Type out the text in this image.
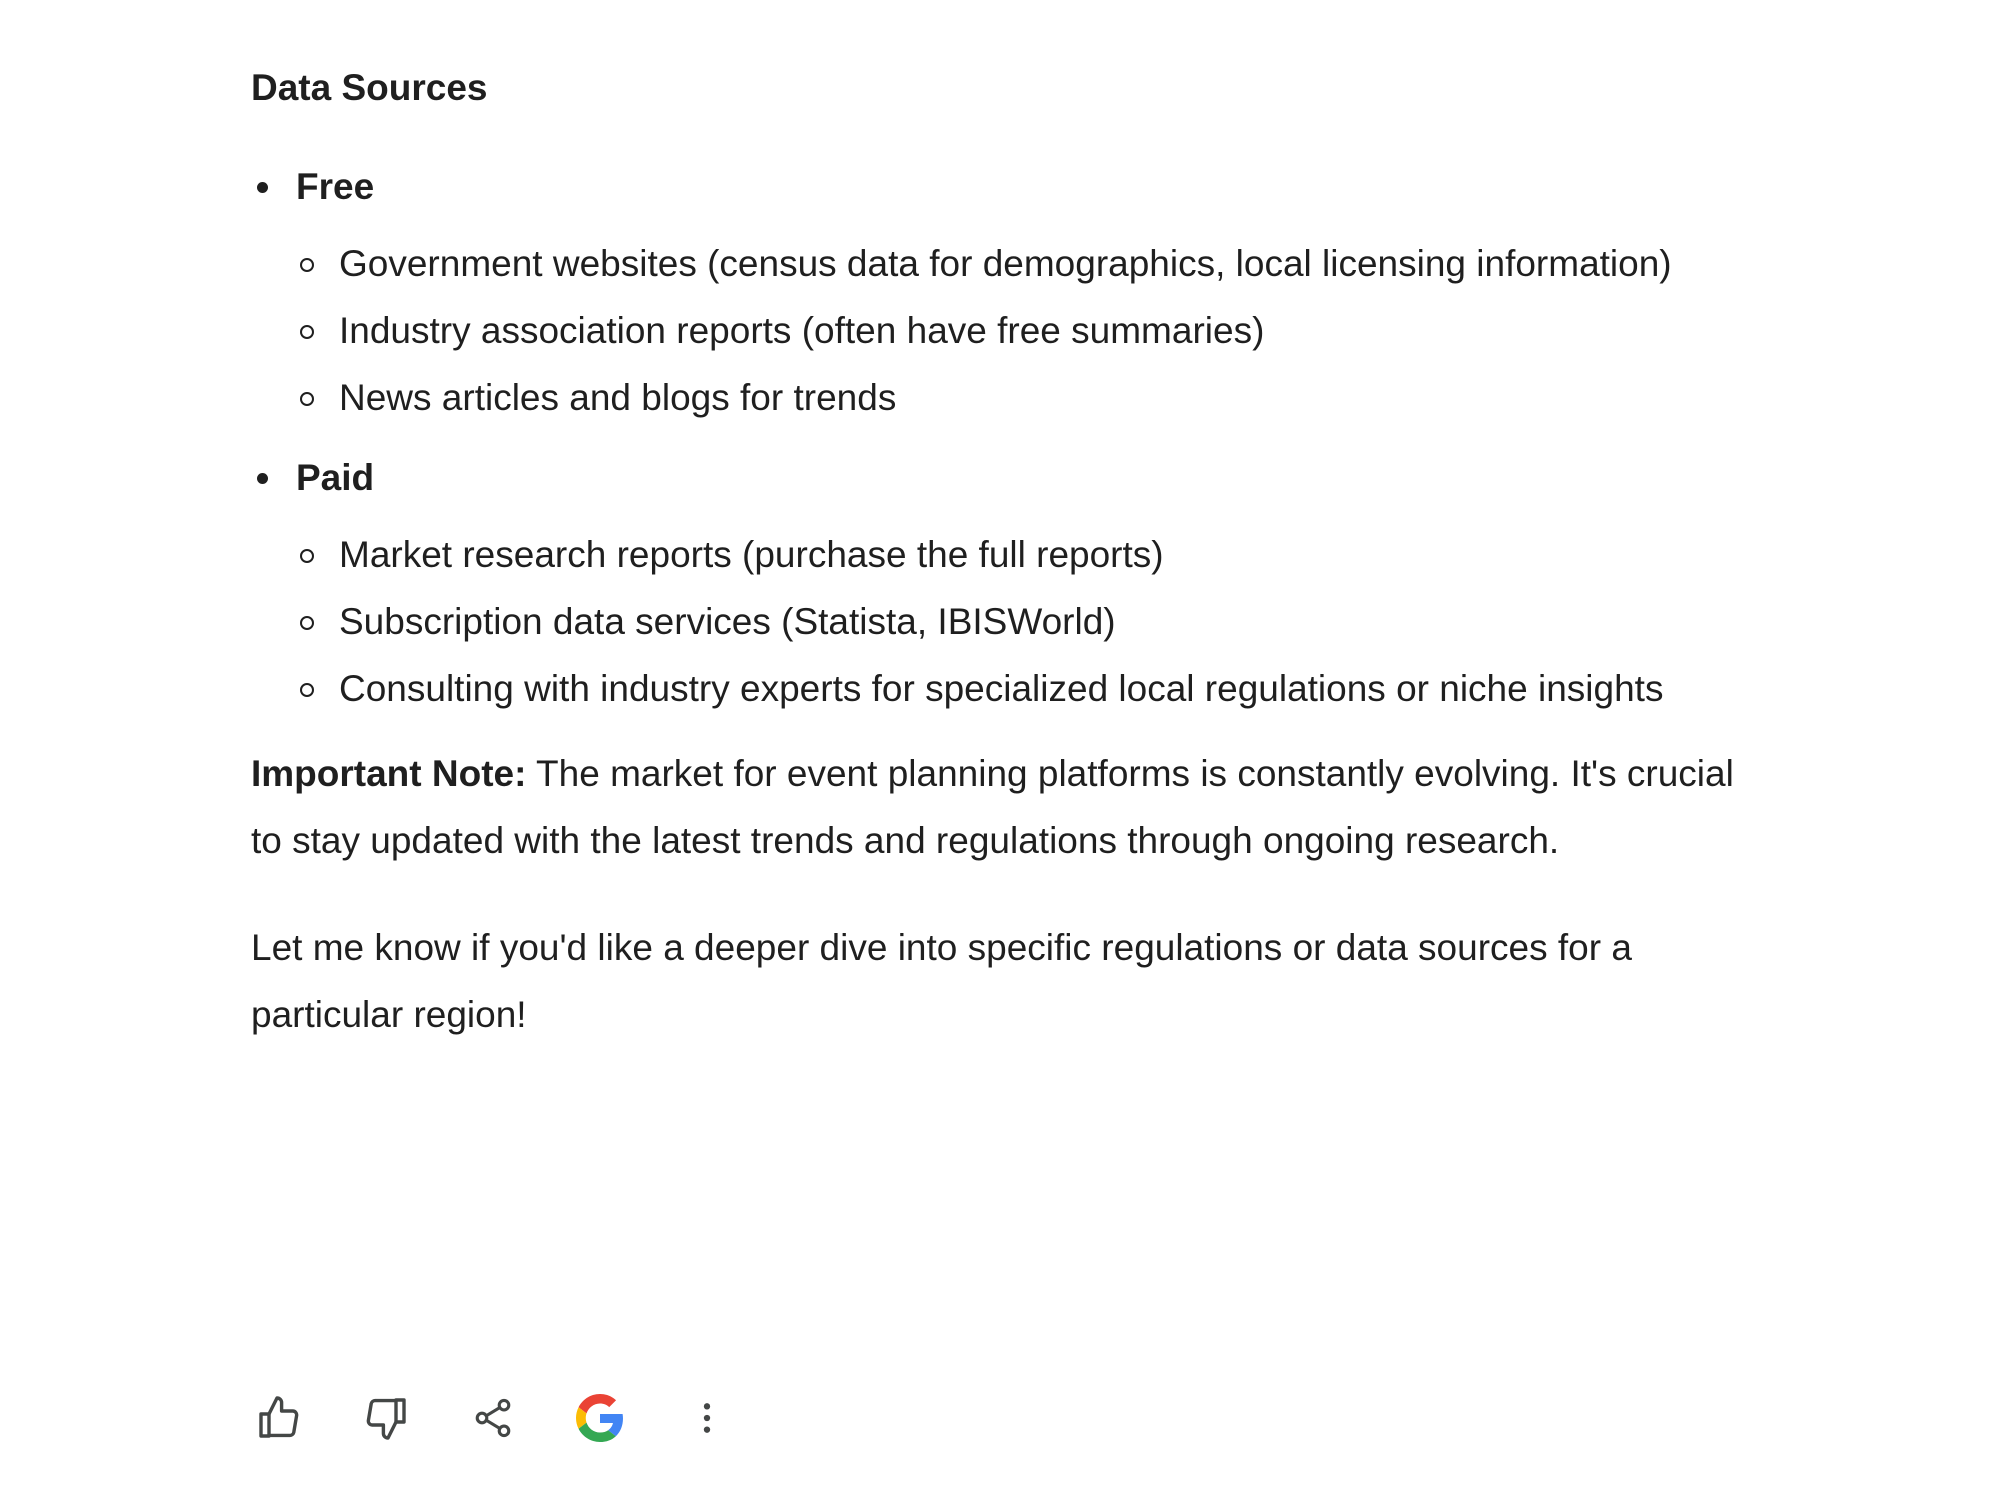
Data Sources
Free
Government websites (census data for demographics, local licensing information)
Industry association reports (often have free summaries)
News articles and blogs for trends
Paid
Market research reports (purchase the full reports)
Subscription data services (Statista, IBISWorld)
Consulting with industry experts for specialized local regulations or niche insights

Important Note: The market for event planning platforms is constantly evolving. It's crucial to stay updated with the latest trends and regulations through ongoing research.

Let me know if you'd like a deeper dive into specific regulations or data sources for a particular region!
